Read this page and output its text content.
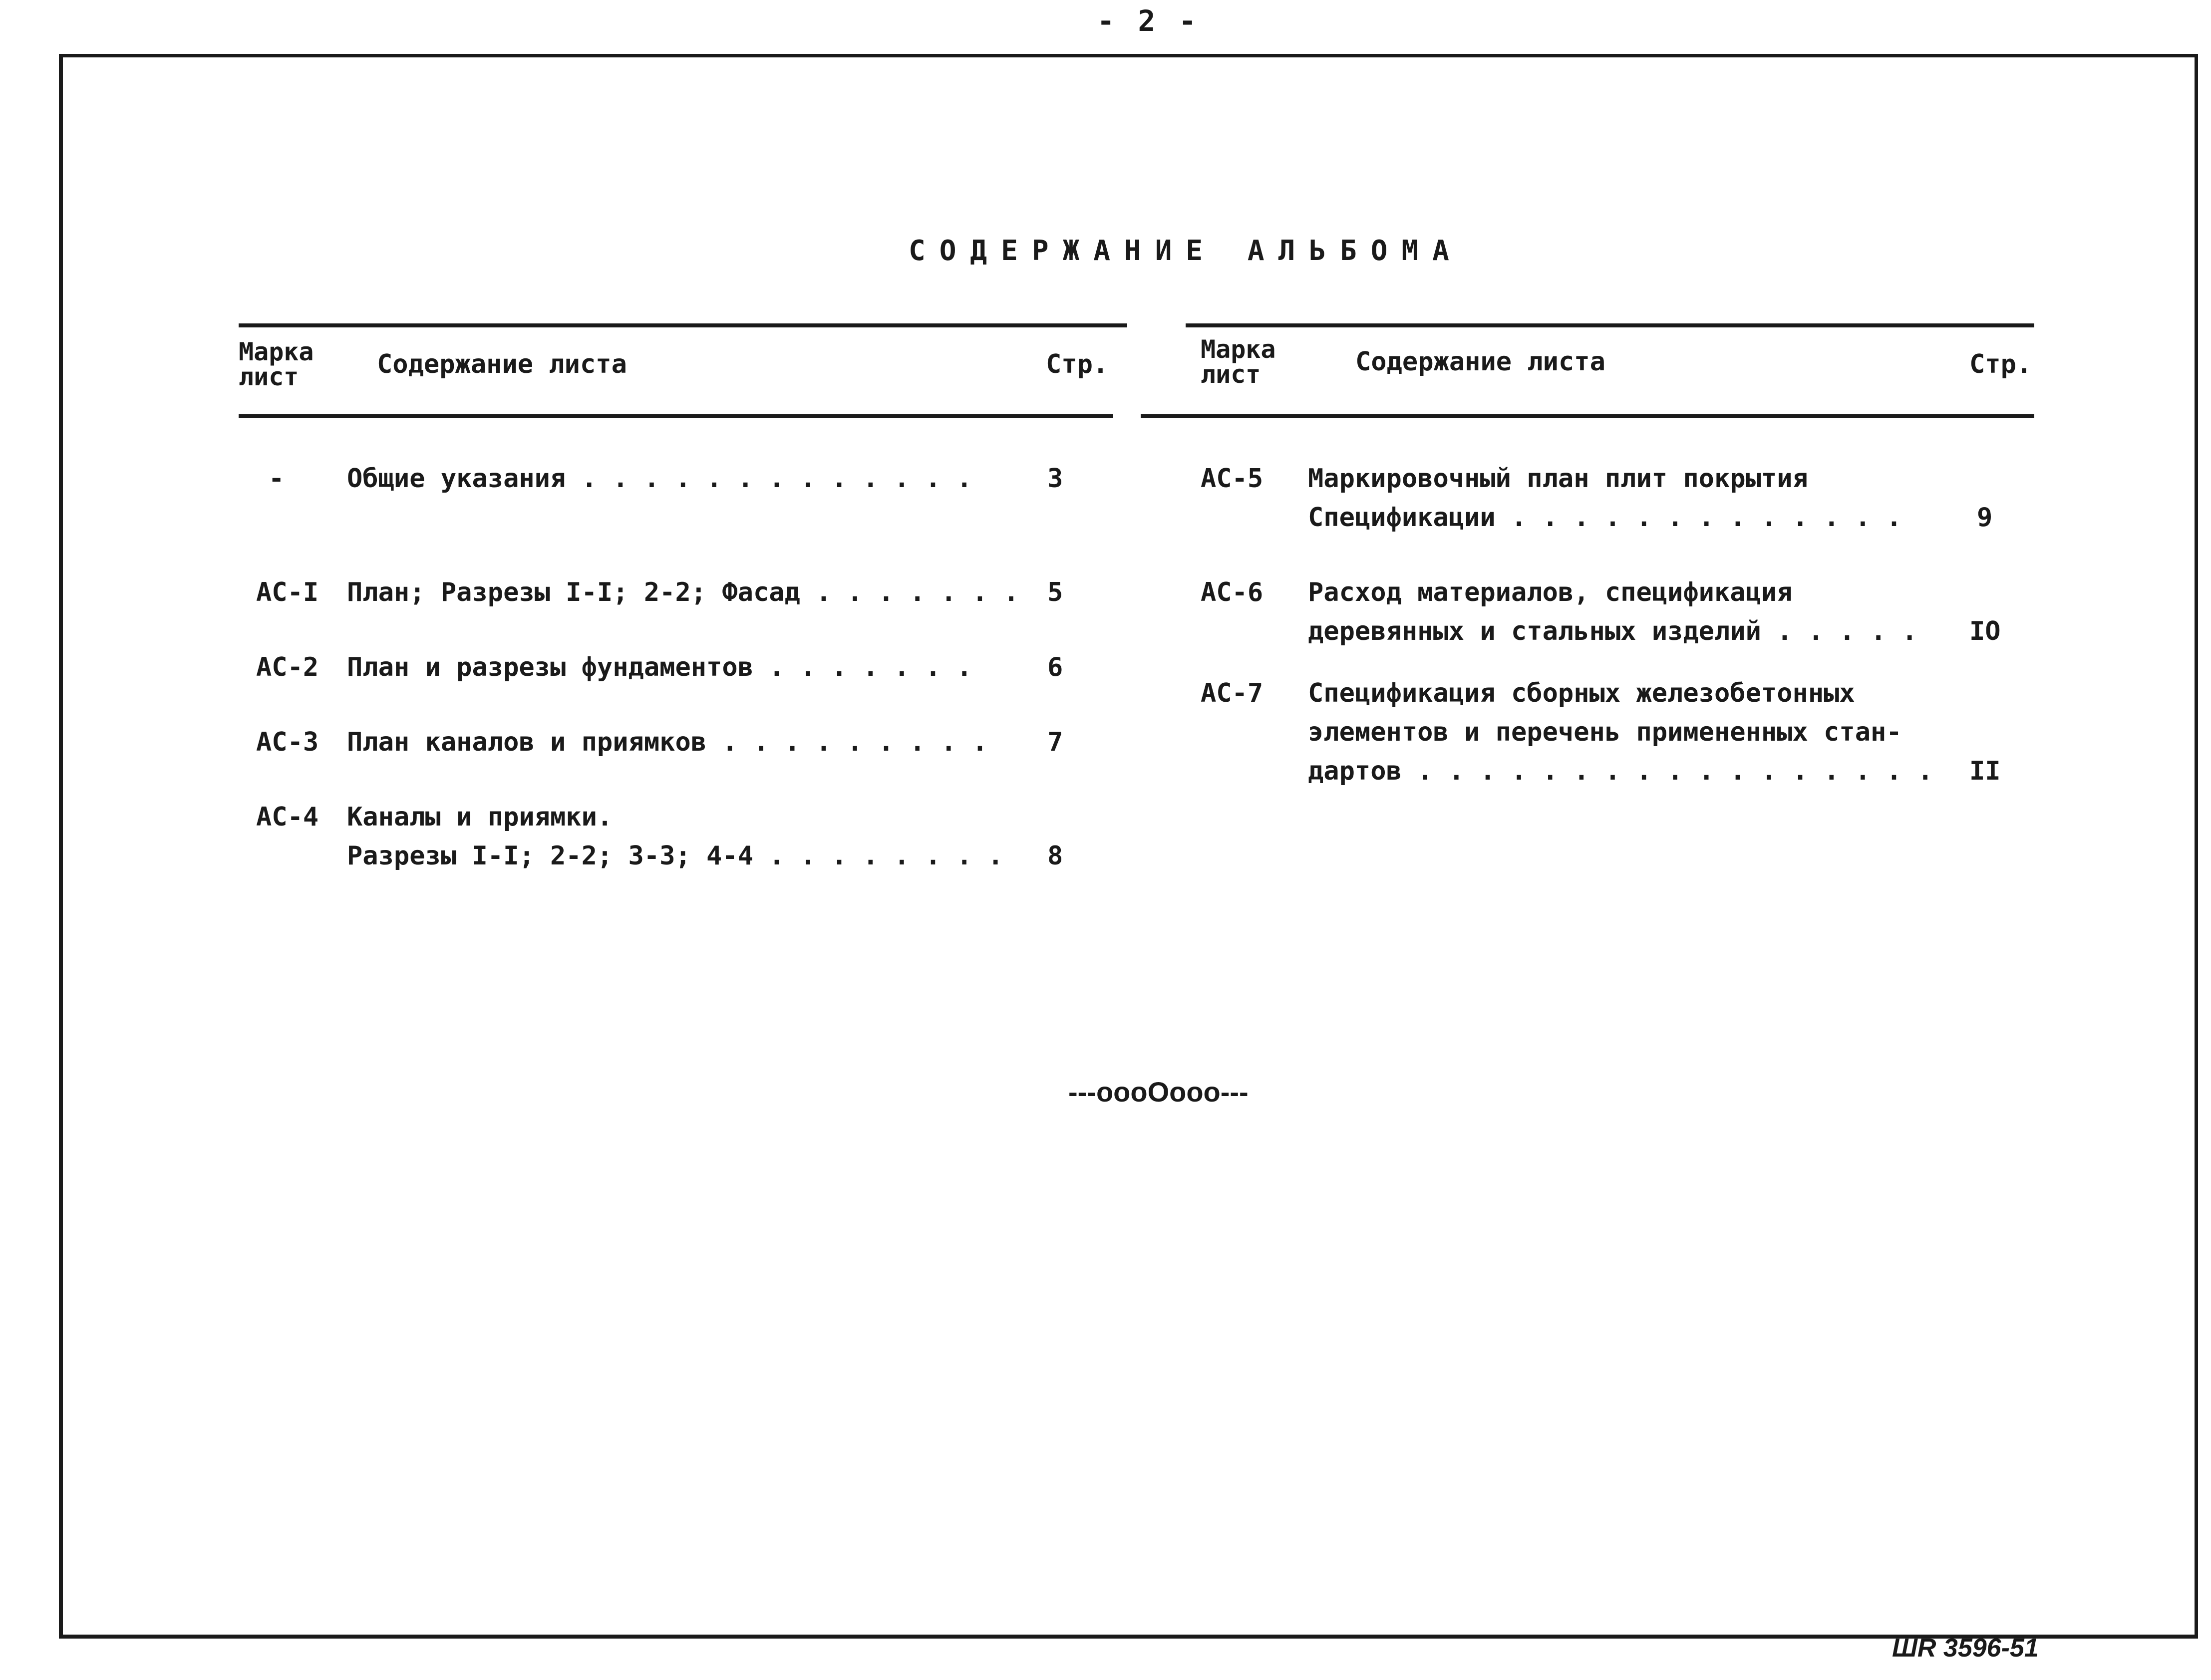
- 2 -
СОДЕРЖАНИЕ АЛЬБОМА
Марка лист	Содержание листа	Стр.	Марка лист	Содержание листа	Стр.
- Общие указания . . . . . . . . . . . . .	3
АС-I План; Разрезы I-I; 2-2; Фасад . . . . . . . 5
АС-2 План и разрезы фундаментов . . . . . . .	6
АС-3 План каналов и приямков . . . . . . . . . 7
АС-4 Каналы и приямки.
Разрезы I-I; 2-2; 3-3; 4-4 . . . . . . . . 8
АС-5 Маркировочный план плит покрытия
Спецификации . . . . . . . . . . . . .	9
АС-6 Расход материалов, спецификация
деревянных и стальных изделий . . . . . IO
АС-7 Спецификация сборных железобетонных
элементов и перечень примененных стан-
дартов . . . . . . . . . . . . . . . . . II
---oooOooo---
ШR 3596-51
